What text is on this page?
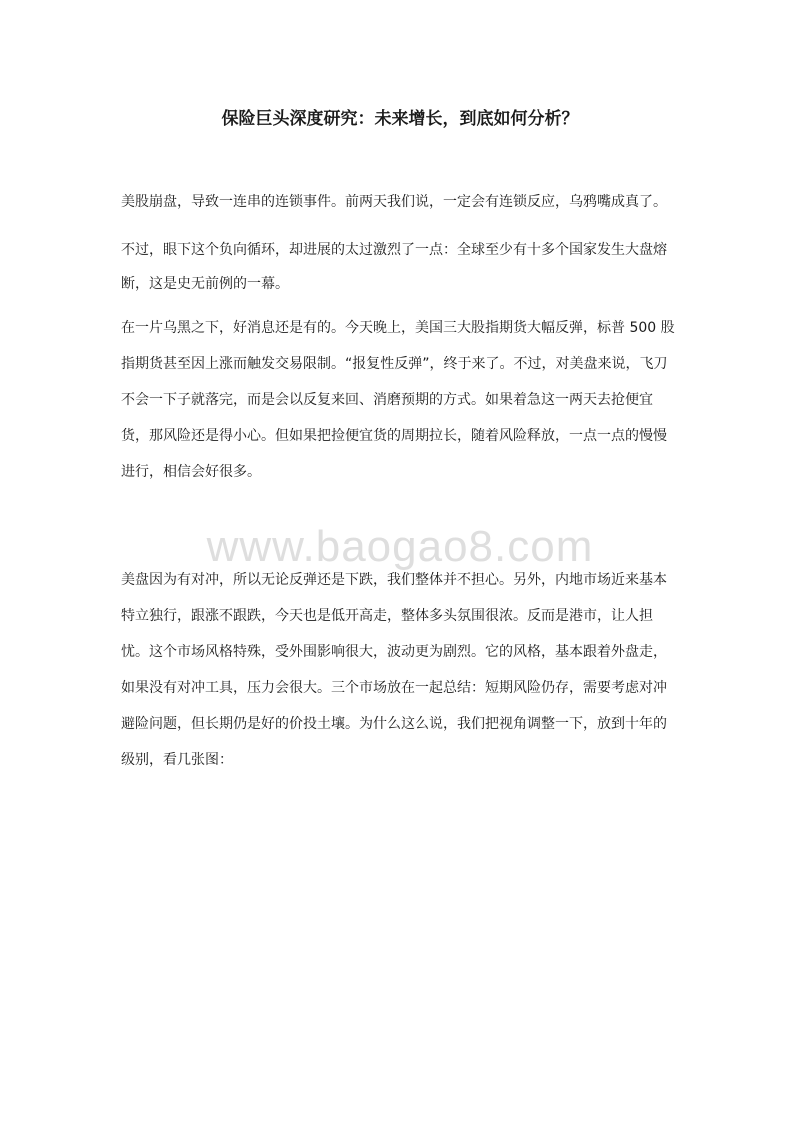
保险巨头深度研究：未来增长，到底如何分析？

美股崩盘，导致一连串的连锁事件。前两天我们说，一定会有连锁反应，乌鸦嘴成真了。

不过，眼下这个负向循环，却进展的太过激烈了一点：全球至少有十多个国家发生大盘熔

断，这是史无前例的一幕。

在一片乌黑之下，好消息还是有的。今天晚上，美国三大股指期货大幅反弹，标普 500 股

指期货甚至因上涨而触发交易限制。“报复性反弹”，终于来了。不过，对美盘来说，飞刀

不会一下子就落完，而是会以反复来回、消磨预期的方式。如果着急这一两天去抢便宜

货，那风险还是得小心。但如果把捡便宜货的周期拉长，随着风险释放，一点一点的慢慢

进行，相信会好很多。

www.baogao8.com

美盘因为有对冲，所以无论反弹还是下跌，我们整体并不担心。另外，内地市场近来基本

特立独行，跟涨不跟跌，今天也是低开高走，整体多头氛围很浓。反而是港市，让人担

忧。这个市场风格特殊，受外围影响很大，波动更为剧烈。它的风格，基本跟着外盘走，

如果没有对冲工具，压力会很大。三个市场放在一起总结：短期风险仍存，需要考虑对冲

避险问题，但长期仍是好的价投土壤。为什么这么说，我们把视角调整一下，放到十年的

级别，看几张图：
